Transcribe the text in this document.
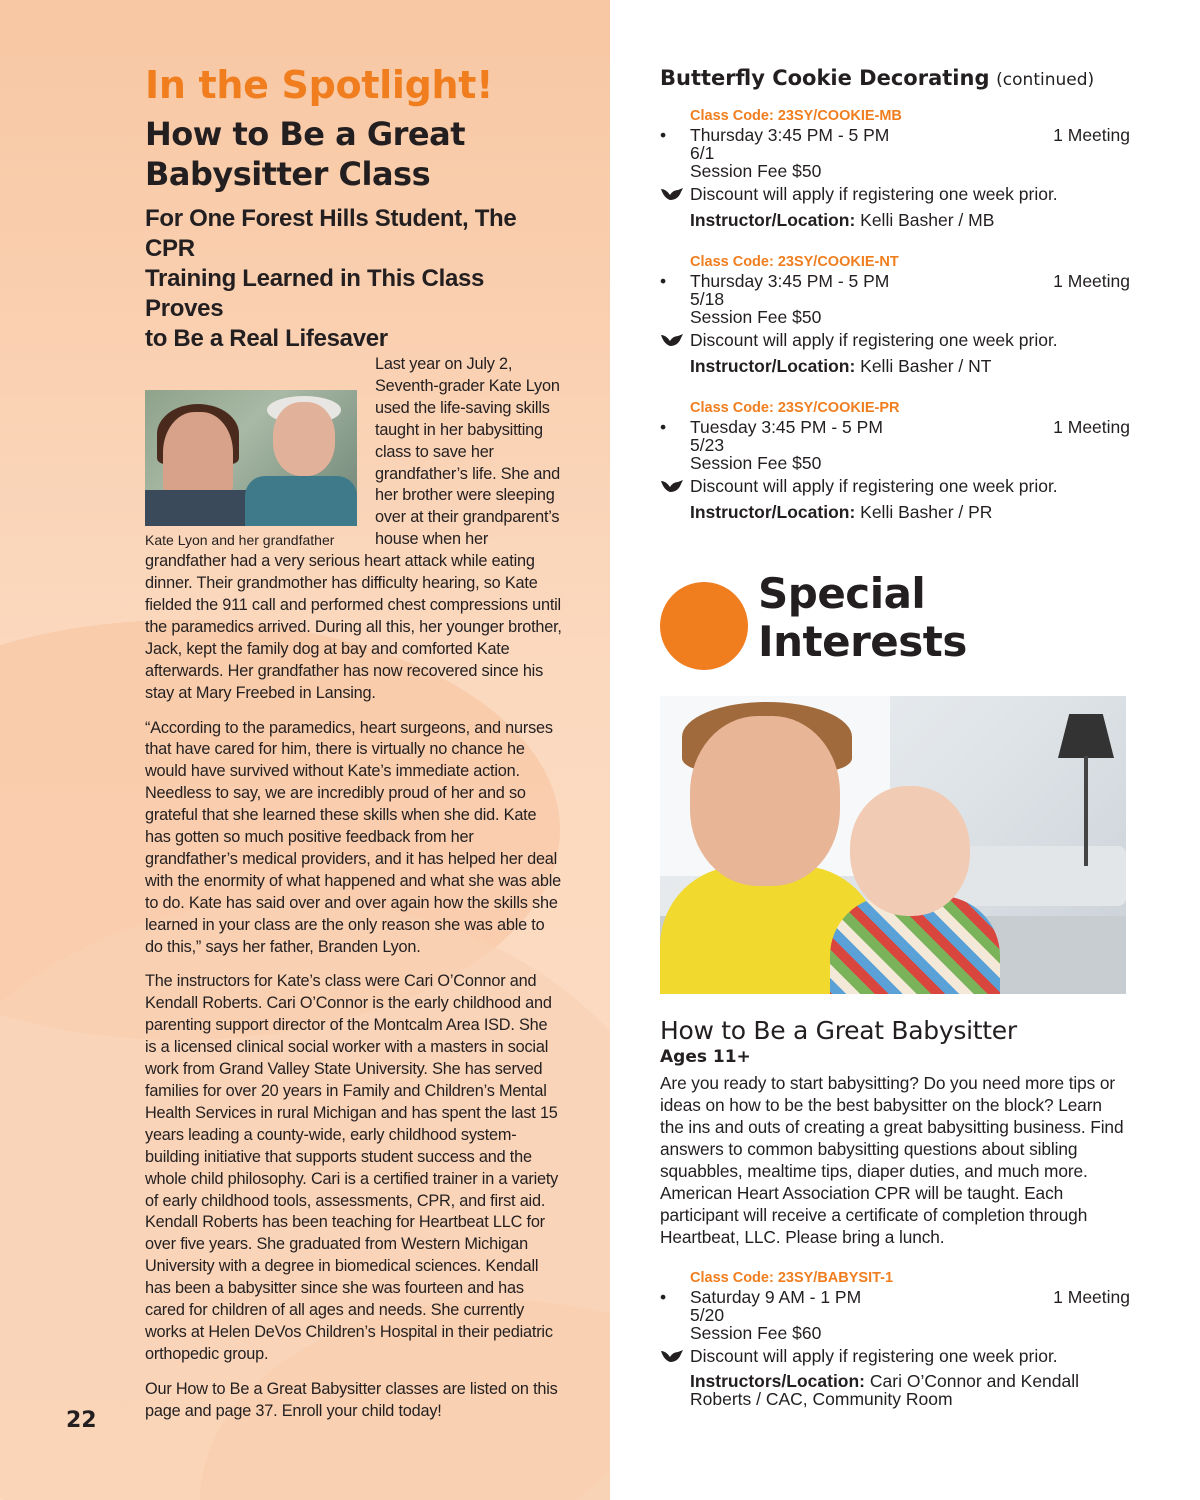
In the Spotlight!
How to Be a Great
Babysitter Class
For One Forest Hills Student, The CPR
Training Learned in This Class Proves
to Be a Real Lifesaver
Kate Lyon and her grandfather

Last year on July 2, Seventh-grader Kate Lyon used the life-saving skills taught in her babysitting class to save her grandfather’s life. She and her brother were sleeping over at their grandparent’s house when her grandfather had a very serious heart attack while eating dinner. Their grandmother has difficulty hearing, so Kate fielded the 911 call and performed chest compressions until the paramedics arrived. During all this, her younger brother, Jack, kept the family dog at bay and comforted Kate afterwards. Her grandfather has now recovered since his stay at Mary Freebed in Lansing.

“According to the paramedics, heart surgeons, and nurses that have cared for him, there is virtually no chance he would have survived without Kate’s immediate action. Needless to say, we are incredibly proud of her and so grateful that she learned these skills when she did. Kate has gotten so much positive feedback from her grandfather’s medical providers, and it has helped her deal with the enormity of what happened and what she was able to do. Kate has said over and over again how the skills she learned in your class are the only reason she was able to do this,” says her father, Branden Lyon.

The instructors for Kate’s class were Cari O’Connor and Kendall Roberts. Cari O’Connor is the early childhood and parenting support director of the Montcalm Area ISD. She is a licensed clinical social worker with a masters in social work from Grand Valley State University. She has served families for over 20 years in Family and Children’s Mental Health Services in rural Michigan and has spent the last 15 years leading a county-wide, early childhood system-building initiative that supports student success and the whole child philosophy. Cari is a certified trainer in a variety of early childhood tools, assessments, CPR, and first aid. Kendall Roberts has been teaching for Heartbeat LLC for over five years. She graduated from Western Michigan University with a degree in biomedical sciences. Kendall has been a babysitter since she was fourteen and has cared for children of all ages and needs. She currently works at Helen DeVos Children’s Hospital in their pediatric orthopedic group.

Our How to Be a Great Babysitter classes are listed on this page and page 37. Enroll your child today!

22
Butterfly Cookie Decorating (continued)
Class Code: 23SY/COOKIE-MB
• Thursday 3:45 PM - 5 PM	1 Meeting
6/1
Session Fee $50
Discount will apply if registering one week prior.
Instructor/Location: Kelli Basher / MB
Class Code: 23SY/COOKIE-NT
• Thursday 3:45 PM - 5 PM	1 Meeting
5/18
Session Fee $50
Discount will apply if registering one week prior.
Instructor/Location: Kelli Basher / NT
Class Code: 23SY/COOKIE-PR
• Tuesday 3:45 PM - 5 PM	1 Meeting
5/23
Session Fee $50
Discount will apply if registering one week prior.
Instructor/Location: Kelli Basher / PR
Special
Interests
How to Be a Great Babysitter
Ages 11+
Are you ready to start babysitting? Do you need more tips or ideas on how to be the best babysitter on the block? Learn the ins and outs of creating a great babysitting business. Find answers to common babysitting questions about sibling squabbles, mealtime tips, diaper duties, and much more. American Heart Association CPR will be taught. Each participant will receive a certificate of completion through Heartbeat, LLC. Please bring a lunch.
Class Code: 23SY/BABYSIT-1
• Saturday 9 AM - 1 PM	1 Meeting
5/20
Session Fee $60
Discount will apply if registering one week prior.
Instructors/Location: Cari O’Connor and Kendall
Roberts / CAC, Community Room
